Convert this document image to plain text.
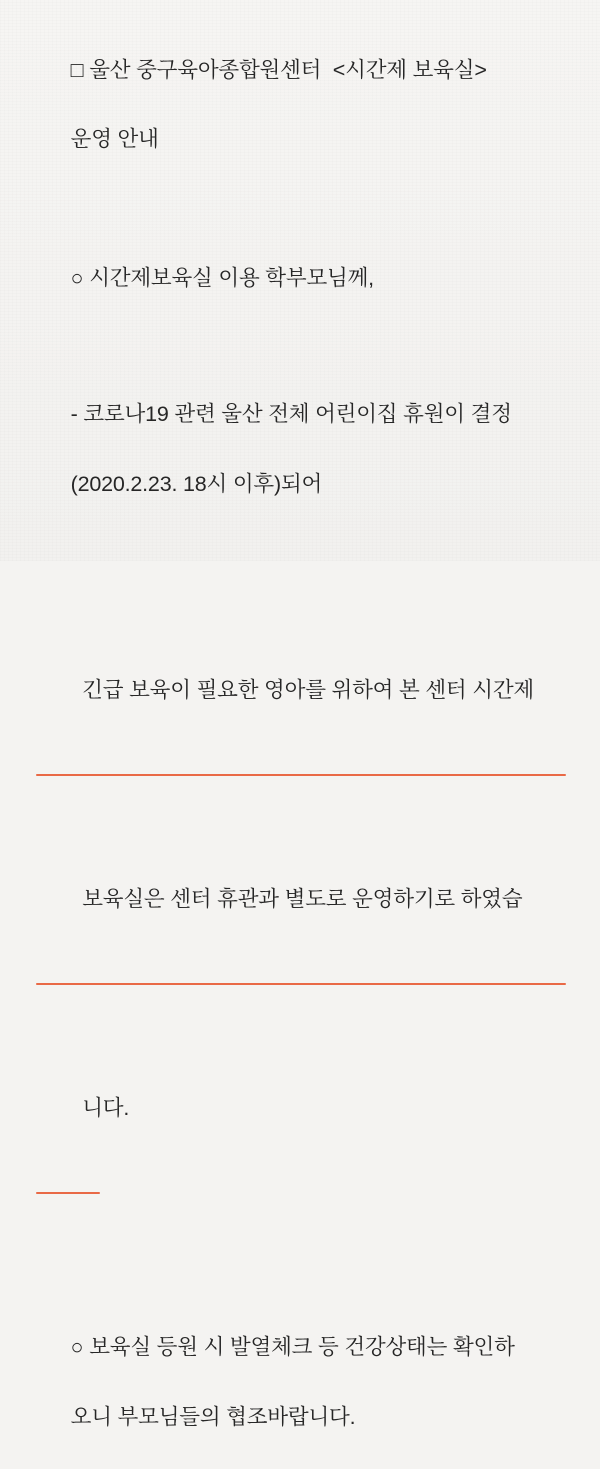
□ 울산 중구육아종합원센터  <시간제 보육실>

운영 안내

○ 시간제보육실 이용 학부모님께,

- 코로나19 관련 울산 전체 어린이집 휴원이 결정

(2020.2.23. 18시 이후)되어

긴급 보육이 필요한 영아를 위하여 본 센터 시간제

보육실은 센터 휴관과 별도로 운영하기로 하였습

니다.

○ 보육실 등원 시 발열체크 등 건강상태는 확인하

오니 부모님들의 협조바랍니다.
